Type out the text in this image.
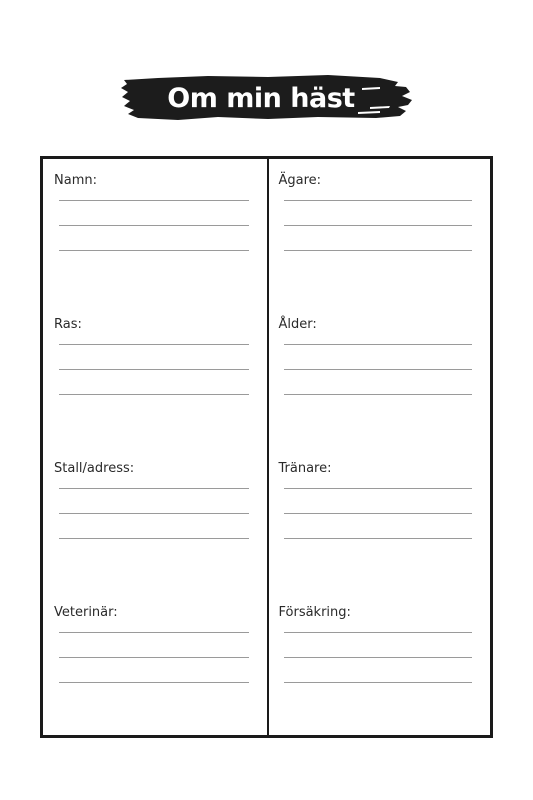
Om min häst
Namn:	Ägare:
Ras:	Ålder:
Stall/adress:	Tränare:
Veterinär:	Försäkring:
